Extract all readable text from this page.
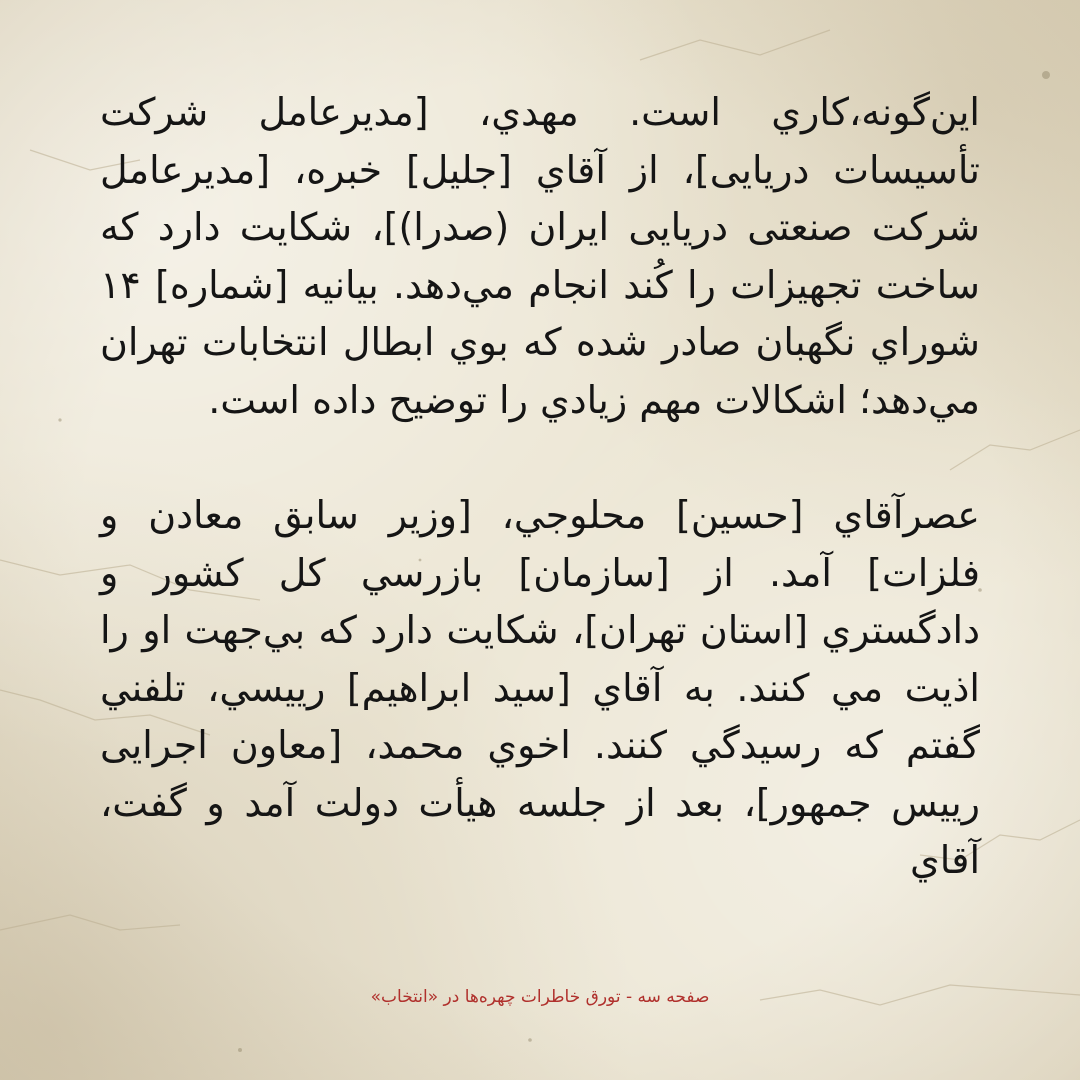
اين‌گونه،كاري است. مهدي، [مديرعامل شركت تأسيسات دريايی]، از آقاي [جليل] خبره، [مديرعامل شركت صنعتی دريايی ايران (صدرا)]، شكايت دارد كه ساخت تجهيزات را كُند انجام مي‌دهد. بيانيه [شماره] ۱۴ شوراي نگهبان صادر شده كه بوي ابطال انتخابات تهران مي‌دهد؛ اشكالات مهم زيادي را توضيح داده است.

عصرآقاي [حسين] محلوجي، [وزير سابق معادن و فلزات] آمد. از [سازمان] بازرسي كل كشور و دادگستري [استان تهران]، شكايت دارد كه بي‌جهت او را اذيت مي كنند. به آقاي [سيد ابراهيم] رييسي، تلفني گفتم كه رسيدگي كنند. اخوي محمد، [معاون اجرايی رييس جمهور]، بعد از جلسه هيأت دولت آمد و گفت، آقاي

صفحه سه - تورق خاطرات چهره‌ها در «انتخاب»
